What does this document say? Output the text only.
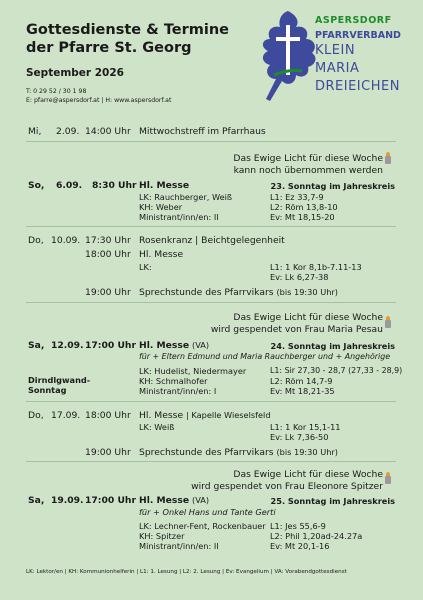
Gottesdienste & Termine
der Pfarre St. Georg
September 2026
T: 0 29 52 / 30 1 98
E: pfarre@aspersdorf.at | H: www.aspersdorf.at
ASPERSDORF
PFARRVERBAND
KLEIN
MARIA
DREIEICHEN
Mi, 2.09. 14:00 Uhr Mittwochstreff im Pfarrhaus
Das Ewige Licht für diese Woche
kann noch übernommen werden
So, 6.09. 8:30 Uhr Hl. Messe	23. Sonntag im Jahreskreis
LK: Rauchberger, Weiß
KH: Weber
Ministrant/inn/en: II
L1: Ez 33,7-9
L2: Röm 13,8-10
Ev: Mt 18,15-20
Do, 10.09. 17:30 Uhr Rosenkranz | Beichtgelegenheit
18:00 Uhr Hl. Messe
LK:	L1: 1 Kor 8,1b-7.11-13
Ev: Lk 6,27-38
19:00 Uhr Sprechstunde des Pfarrvikars (bis 19:30 Uhr)
Das Ewige Licht für diese Woche
wird gespendet von Frau Maria Pesau
Sa, 12.09. 17:00 Uhr Hl. Messe (VA)	24. Sonntag im Jahreskreis
für + Eltern Edmund und Maria Rauchberger und + Angehörige
Dirndlgwand-
Sonntag
LK: Hudelist, Niedermayer
KH: Schmalhofer
Ministrant/inn/en: I
L1: Sir 27,30 - 28,7 (27,33 - 28,9)
L2: Röm 14,7-9
Ev: Mt 18,21-35
Do, 17.09. 18:00 Uhr Hl. Messe | Kapelle Wieselsfeld
LK: Weiß	L1: 1 Kor 15,1-11
Ev: Lk 7,36-50
19:00 Uhr Sprechstunde des Pfarrvikars (bis 19:30 Uhr)
Das Ewige Licht für diese Woche
wird gespendet von Frau Eleonore Spitzer
Sa, 19.09. 17:00 Uhr Hl. Messe (VA)	25. Sonntag im Jahreskreis
für + Onkel Hans und Tante Gerti
LK: Lechner-Fent, Rockenbauer
KH: Spitzer
Ministrant/inn/en: II
L1: Jes 55,6-9
L2: Phil 1,20ad-24.27a
Ev: Mt 20,1-16
LK: Lektor/en | KH: Kommunionhelferin | L1: 1. Lesung | L2: 2. Lesung | Ev: Evangelium | VA: Vorabendgottesdienst
